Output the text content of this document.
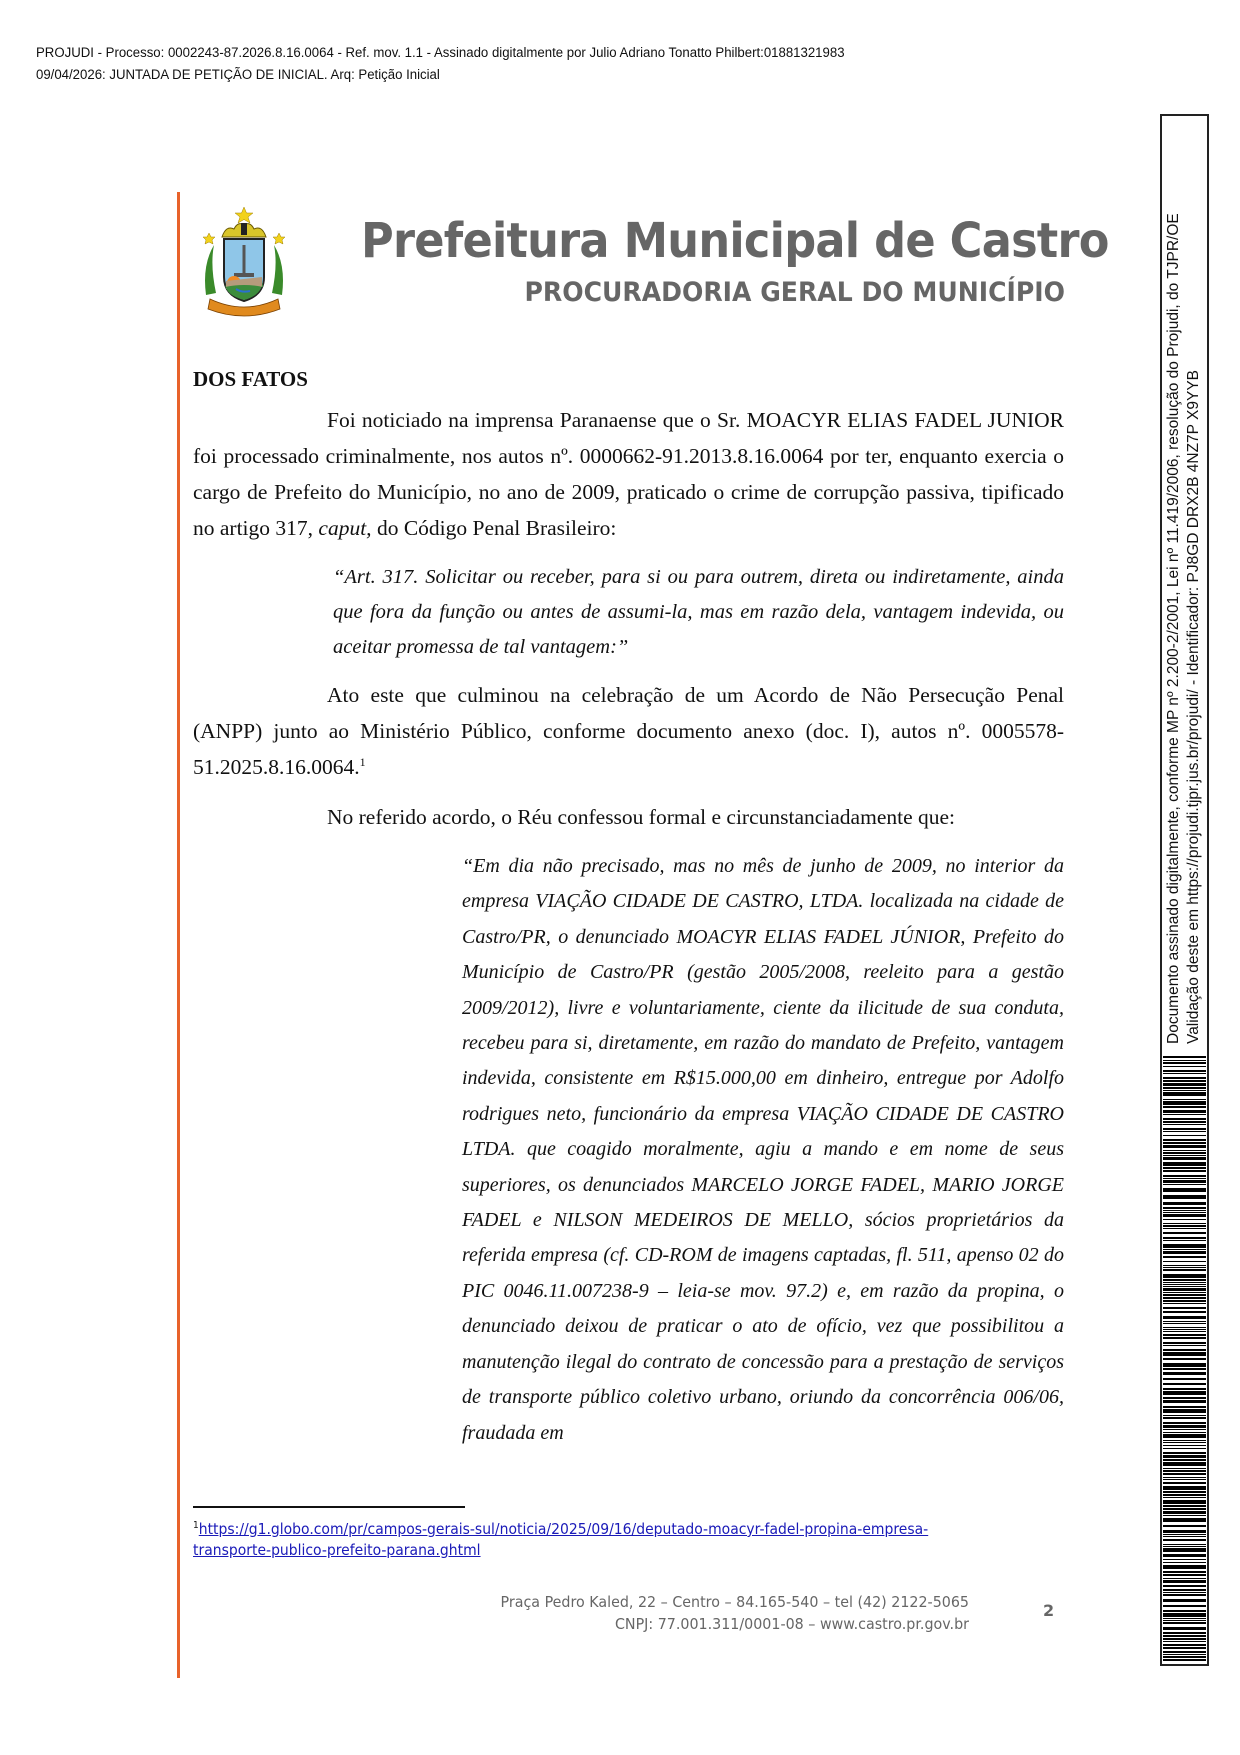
PROJUDI - Processo: 0002243-87.2026.8.16.0064 - Ref. mov. 1.1 - Assinado digitalmente por Julio Adriano Tonatto Philbert:01881321983
09/04/2026: JUNTADA DE PETIÇÃO DE INICIAL. Arq: Petição Inicial
Prefeitura Municipal de Castro
PROCURADORIA GERAL DO MUNICÍPIO
DOS FATOS

Foi noticiado na imprensa Paranaense que o Sr. MOACYR ELIAS FADEL JUNIOR foi processado criminalmente, nos autos nº. 0000662-91.2013.8.16.0064 por ter, enquanto exercia o cargo de Prefeito do Município, no ano de 2009, praticado o crime de corrupção passiva, tipificado no artigo 317, caput, do Código Penal Brasileiro:

“Art. 317. Solicitar ou receber, para si ou para outrem, direta ou indiretamente, ainda que fora da função ou antes de assumi-la, mas em razão dela, vantagem indevida, ou aceitar promessa de tal vantagem:”

Ato este que culminou na celebração de um Acordo de Não Persecução Penal (ANPP) junto ao Ministério Público, conforme documento anexo (doc. I), autos nº. 0005578-51.2025.8.16.0064.$^1$

No referido acordo, o Réu confessou formal e circunstanciadamente que:

“Em dia não precisado, mas no mês de junho de 2009, no interior da empresa VIAÇÃO CIDADE DE CASTRO, LTDA. localizada na cidade de Castro/PR, o denunciado MOACYR ELIAS FADEL JÚNIOR, Prefeito do Município de Castro/PR (gestão 2005/2008, reeleito para a gestão 2009/2012), livre e voluntariamente, ciente da ilicitude de sua conduta, recebeu para si, diretamente, em razão do mandato de Prefeito, vantagem indevida, consistente em R$15.000,00 em dinheiro, entregue por Adolfo rodrigues neto, funcionário da empresa VIAÇÃO CIDADE DE CASTRO LTDA. que coagido moralmente, agiu a mando e em nome de seus superiores, os denunciados MARCELO JORGE FADEL, MARIO JORGE FADEL e NILSON MEDEIROS DE MELLO, sócios proprietários da referida empresa (cf. CD-ROM de imagens captadas, fl. 511, apenso 02 do PIC 0046.11.007238-9 – leia-se mov. 97.2) e, em razão da propina, o denunciado deixou de praticar o ato de ofício, vez que possibilitou a manutenção ilegal do contrato de concessão para a prestação de serviços de transporte público coletivo urbano, oriundo da concorrência 006/06, fraudada em
$^1$https://g1.globo.com/pr/campos-gerais-sul/noticia/2025/09/16/deputado-moacyr-fadel-propina-empresa-transporte-publico-prefeito-parana.ghtml
Praça Pedro Kaled, 22 – Centro – 84.165-540 – tel (42) 2122-5065
CNPJ: 77.001.311/0001-08 – www.castro.pr.gov.br
2
Documento assinado digitalmente, conforme MP nº 2.200-2/2001, Lei nº 11.419/2006, resolução do Projudi, do TJPR/OE Validação deste em https://projudi.tjpr.jus.br/projudi/ - Identificador: PJ8GD DRX2B 4NZ7P X9YYB
